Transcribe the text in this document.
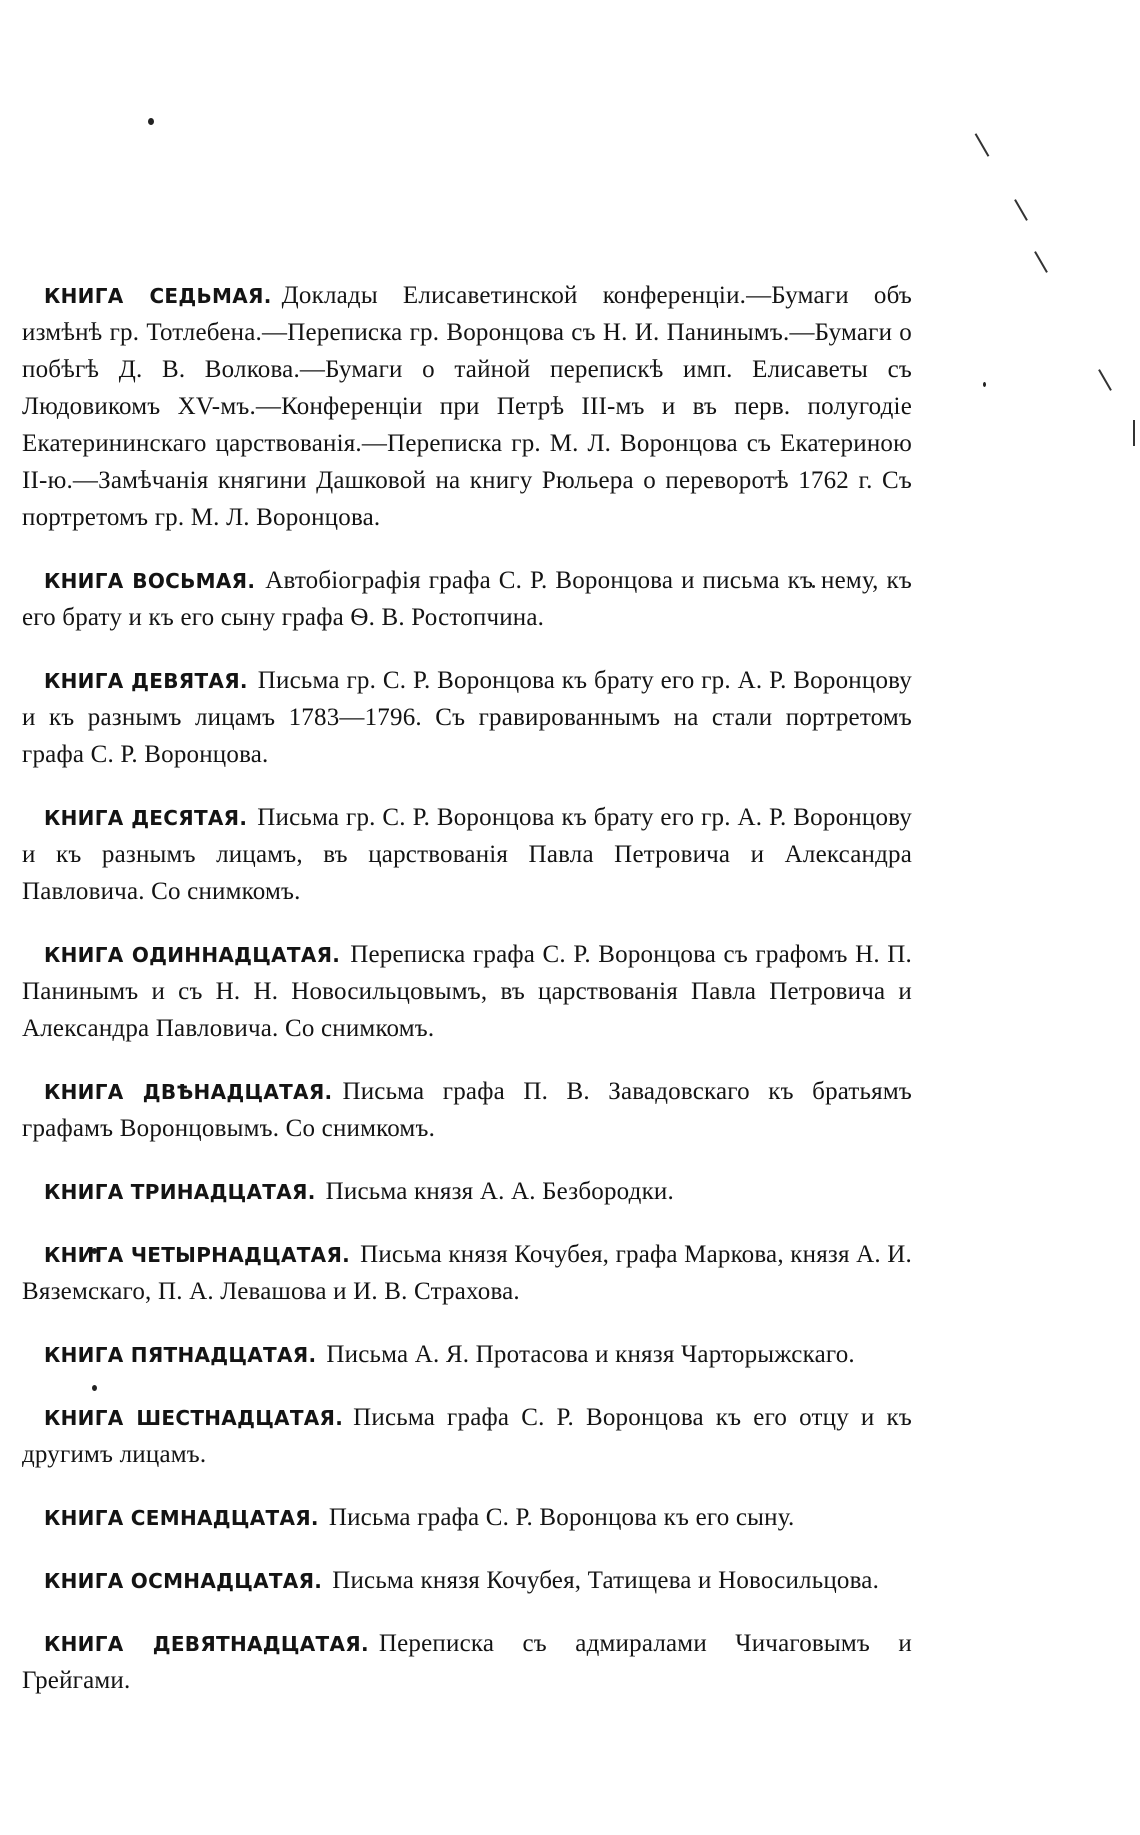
КНИГА СЕДЬМАЯ. Доклады Елисаветинской конференціи.—Бумаги объ измѣнѣ гр. Тотлебена.—Переписка гр. Воронцова съ Н. И. Панинымъ.—Бумаги о побѣгѣ Д. В. Волкова.—Бумаги о тайной перепискѣ имп. Елисаветы съ Людовикомъ XV-мъ.—Конференціи при Петрѣ III-мъ и въ перв. полугодіе Екатерининскаго царствованія.—Переписка гр. М. Л. Воронцова съ Екатериною II-ю.—Замѣчанія княгини Дашковой на книгу Рюльера о переворотѣ 1762 г. Съ портретомъ гр. М. Л. Воронцова.

КНИГА ВОСЬМАЯ. Автобіографія графа С. Р. Воронцова и письма къ нему, къ его брату и къ его сыну графа Ѳ. В. Ростопчина.

КНИГА ДЕВЯТАЯ. Письма гр. С. Р. Воронцова къ брату его гр. А. Р. Воронцову и къ разнымъ лицамъ 1783—1796. Съ гравированнымъ на стали портретомъ графа С. Р. Воронцова.

КНИГА ДЕСЯТАЯ. Письма гр. С. Р. Воронцова къ брату его гр. А. Р. Воронцову и къ разнымъ лицамъ, въ царствованія Павла Петровича и Александра Павловича. Со снимкомъ.

КНИГА ОДИННАДЦАТАЯ. Переписка графа С. Р. Воронцова съ графомъ Н. П. Панинымъ и съ Н. Н. Новосильцовымъ, въ царствованія Павла Петровича и Александра Павловича. Со снимкомъ.

КНИГА ДВѢНАДЦАТАЯ. Письма графа П. В. Завадовскаго къ братьямъ графамъ Воронцовымъ. Со снимкомъ.

КНИГА ТРИНАДЦАТАЯ. Письма князя А. А. Безбородки.

КНИГА ЧЕТЫРНАДЦАТАЯ. Письма князя Кочубея, графа Маркова, князя А. И. Вяземскаго, П. А. Левашова и И. В. Страхова.

КНИГА ПЯТНАДЦАТАЯ. Письма А. Я. Протасова и князя Чарторыжскаго.

КНИГА ШЕСТНАДЦАТАЯ. Письма графа С. Р. Воронцова къ его отцу и къ другимъ лицамъ.

КНИГА СЕМНАДЦАТАЯ. Письма графа С. Р. Воронцова къ его сыну.

КНИГА ОСМНАДЦАТАЯ. Письма князя Кочубея, Татищева и Новосильцова.

КНИГА ДЕВЯТНАДЦАТАЯ. Переписка съ адмиралами Чичаговымъ и Грейгами.
